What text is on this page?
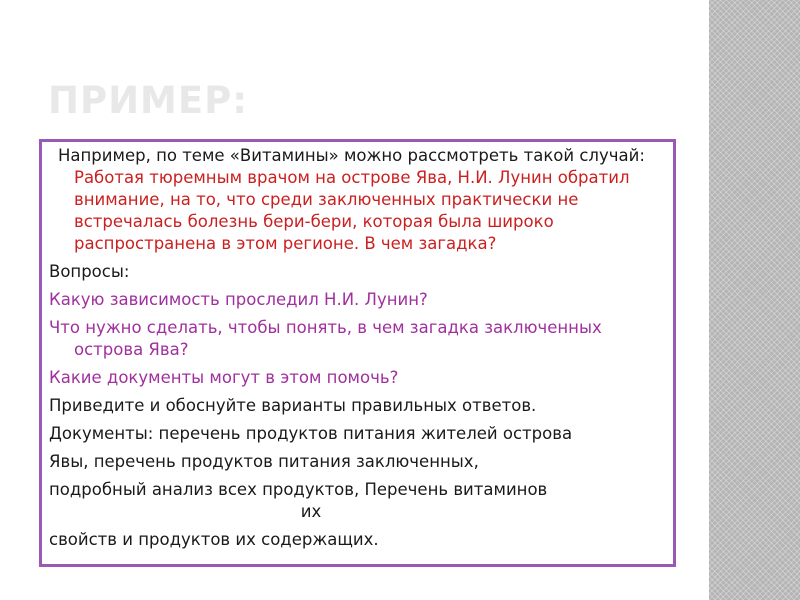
ПРИМЕР:

Например, по теме «Витамины» можно рассмотреть такой случай: Работая тюремным врачом на острове Ява, Н.И. Лунин обратил внимание, на то, что среди заключенных практически не встречалась болезнь бери-бери, которая была широко распространена в этом регионе. В чем загадка?

Вопросы:

Какую зависимость проследил Н.И. Лунин?

Что нужно сделать, чтобы понять, в чем загадка заключенных острова Ява?

Какие документы могут в этом помочь?

Приведите и обоснуйте варианты правильных ответов.

Документы: перечень продуктов питания жителей острова

Явы, перечень продуктов питания заключенных,

подробный анализ всех продуктов, Перечень витаминов
их

свойств и продуктов их содержащих.
